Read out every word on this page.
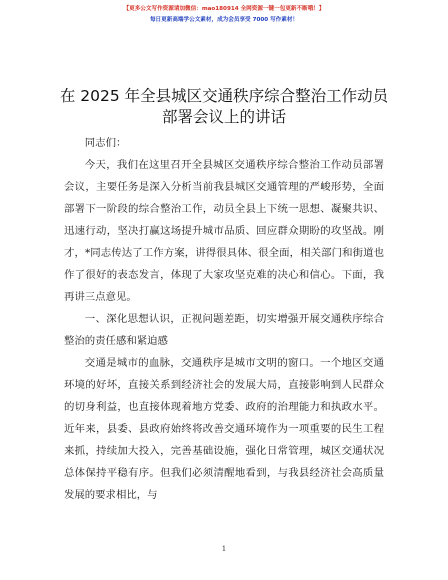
【更多公文写作资源请加微信：mao180914 全网资源一键一包更新不断哦！】
每日更新高端学公文素材，成为会员享受 7000 写作素材！
在 2025 年全县城区交通秩序综合整治工作动员
部署会议上的讲话

同志们：

今天，我们在这里召开全县城区交通秩序综合整治工作动员部署会议，主要任务是深入分析当前我县城区交通管理的严峻形势，全面部署下一阶段的综合整治工作，动员全县上下统一思想、凝聚共识、迅速行动，坚决打赢这场提升城市品质、回应群众期盼的攻坚战。刚才，*同志传达了工作方案，讲得很具体、很全面，相关部门和街道也作了很好的表态发言，体现了大家攻坚克难的决心和信心。下面，我再讲三点意见。

一、深化思想认识，正视问题差距，切实增强开展交通秩序综合整治的责任感和紧迫感

交通是城市的血脉，交通秩序是城市文明的窗口。一个地区交通环境的好坏，直接关系到经济社会的发展大局，直接影响到人民群众的切身利益，也直接体现着地方党委、政府的治理能力和执政水平。近年来，县委、县政府始终将改善交通环境作为一项重要的民生工程来抓，持续加大投入，完善基础设施，强化日常管理，城区交通状况总体保持平稳有序。但我们必须清醒地看到，与我县经济社会高质量发展的要求相比，与

1
